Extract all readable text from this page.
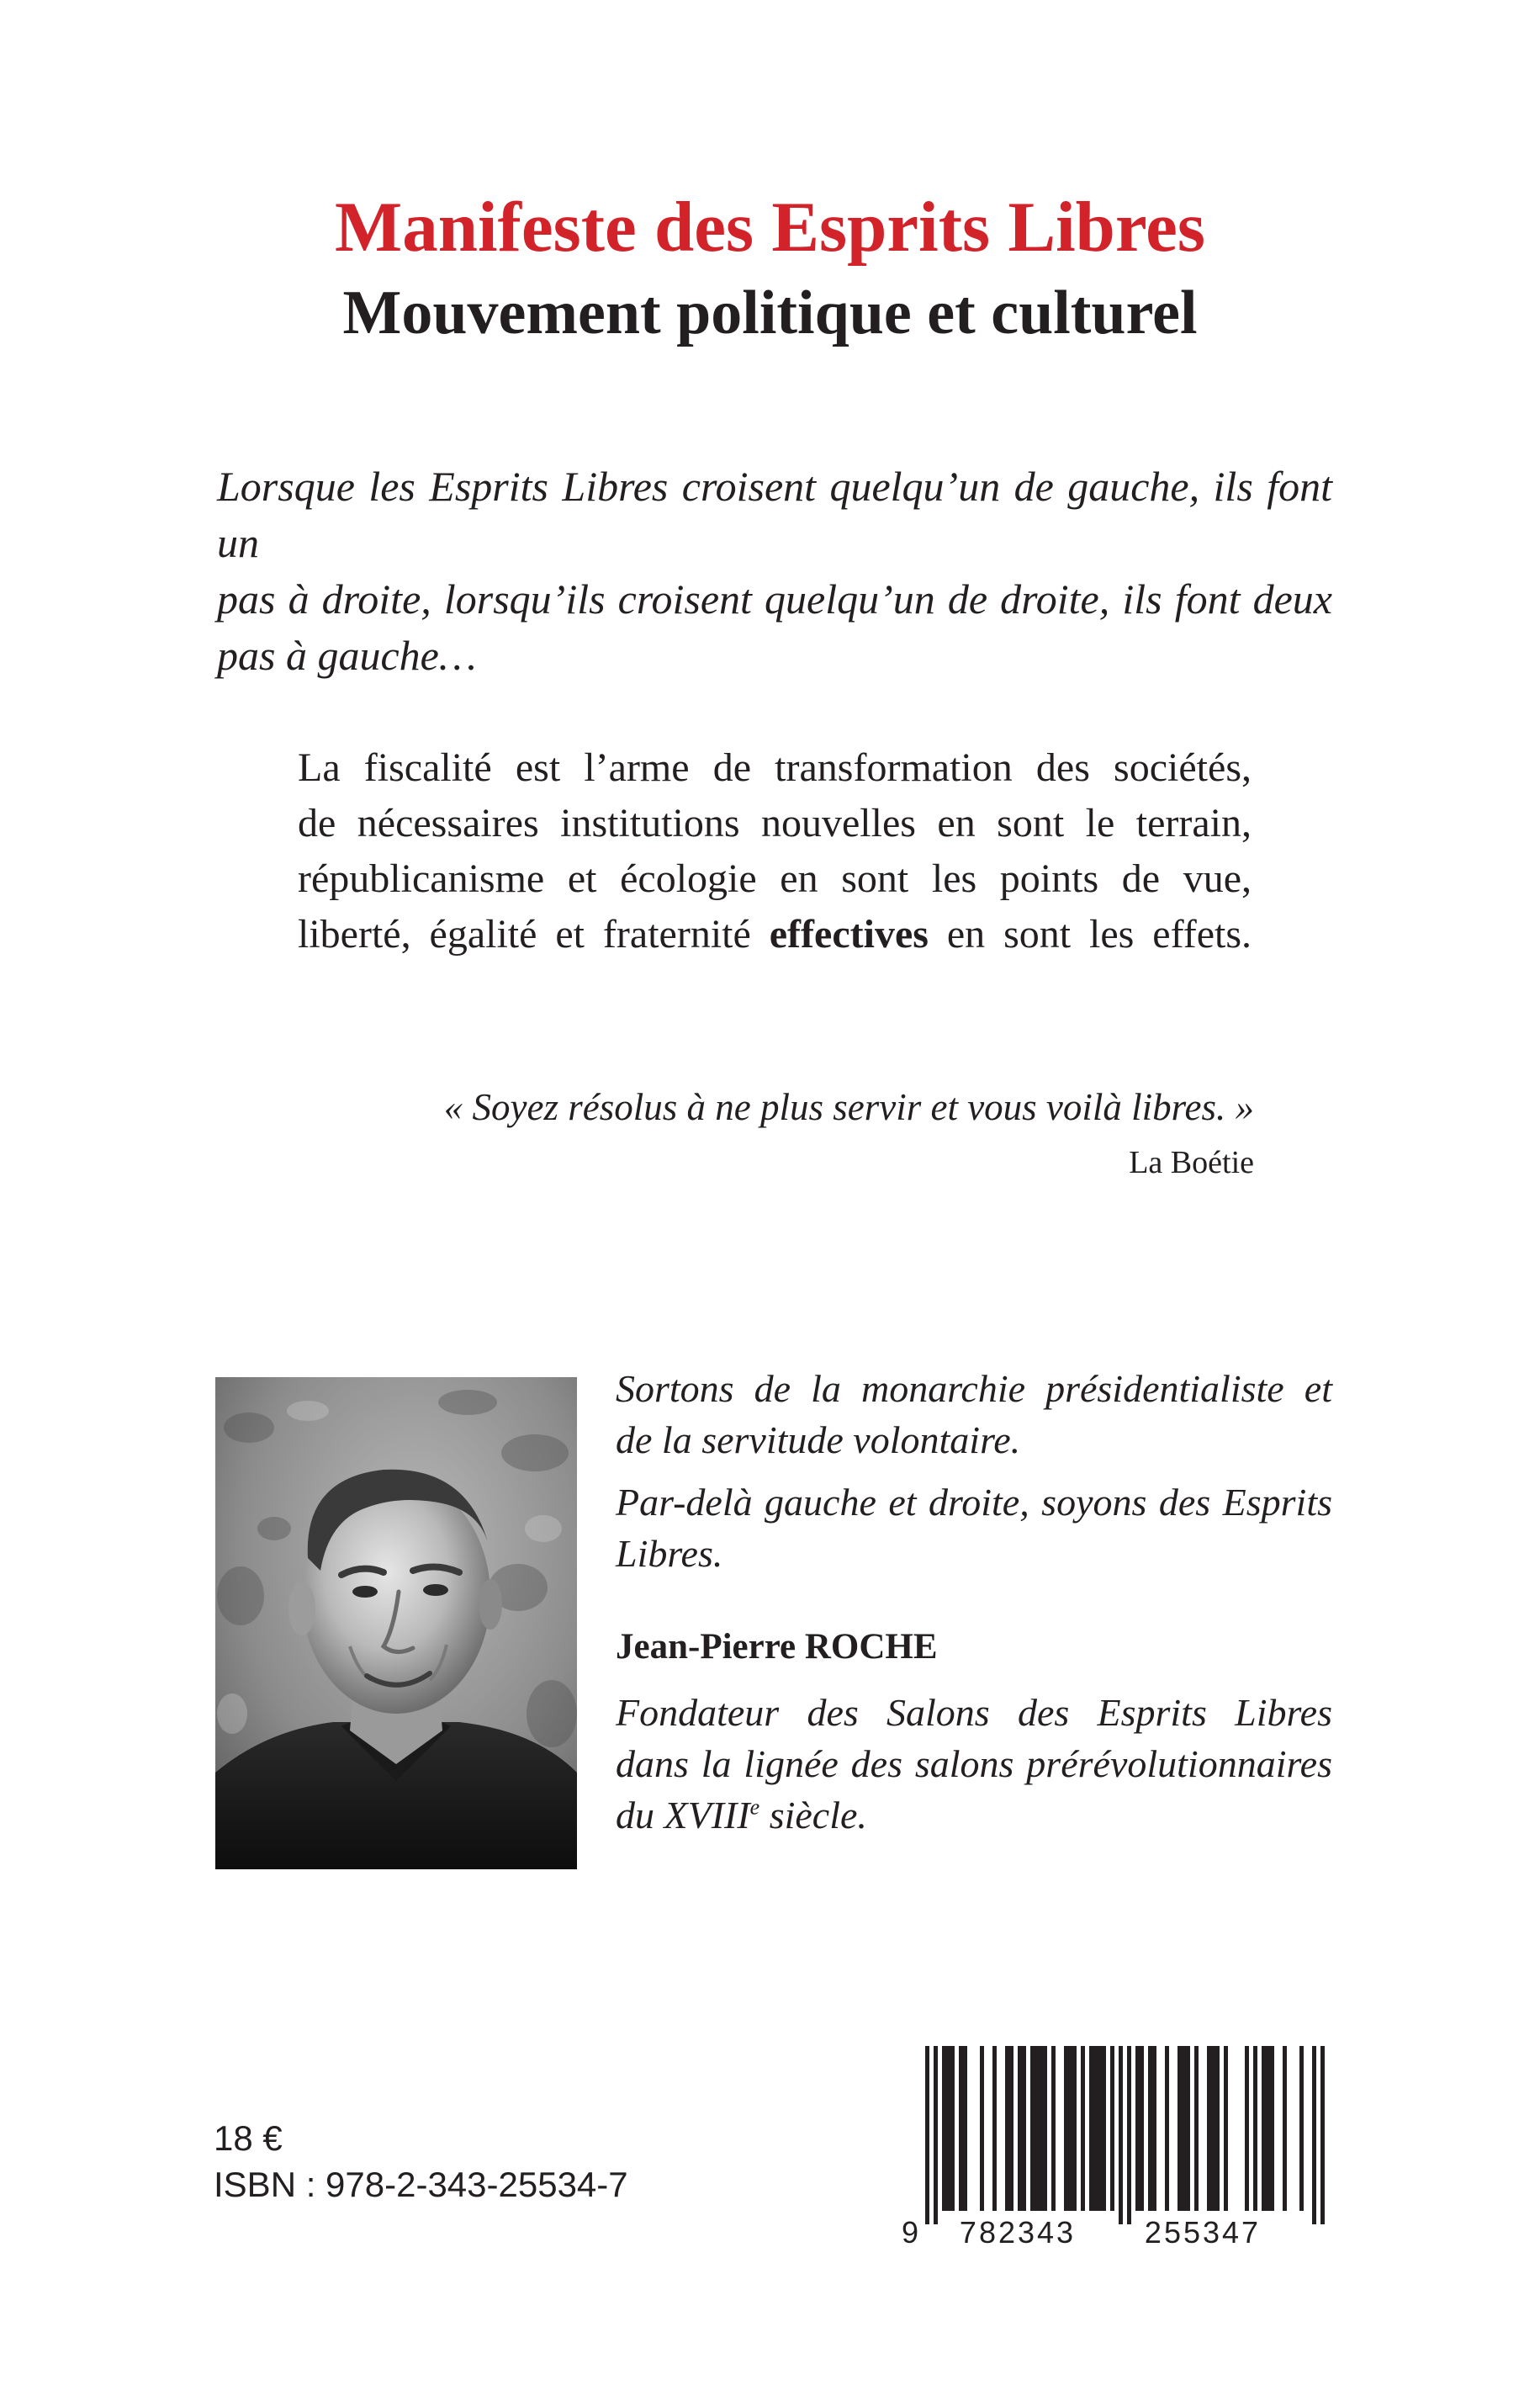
Manifeste des Esprits Libres
Mouvement politique et culturel
Lorsque les Esprits Libres croisent quelqu’un de gauche, ils font un
pas à droite, lorsqu’ils croisent quelqu’un de droite, ils font deux
pas à gauche…
La fiscalité est l’arme de transformation des sociétés,
de nécessaires institutions nouvelles en sont le terrain,
républicanisme et écologie en sont les points de vue,
liberté, égalité et fraternité effectives en sont les effets.
« Soyez résolus à ne plus servir et vous voilà libres. »
La Boétie

Sortons de la monarchie présidentialiste et
de la servitude volontaire.

Par-delà gauche et droite, soyons des Esprits
Libres.

Jean-Pierre ROCHE
Fondateur des Salons des Esprits Libres
dans la lignée des salons prérévolutionnaires
du XVIIIe siècle.
18 €
ISBN : 978-2-343-25534-7
9 782343 255347
